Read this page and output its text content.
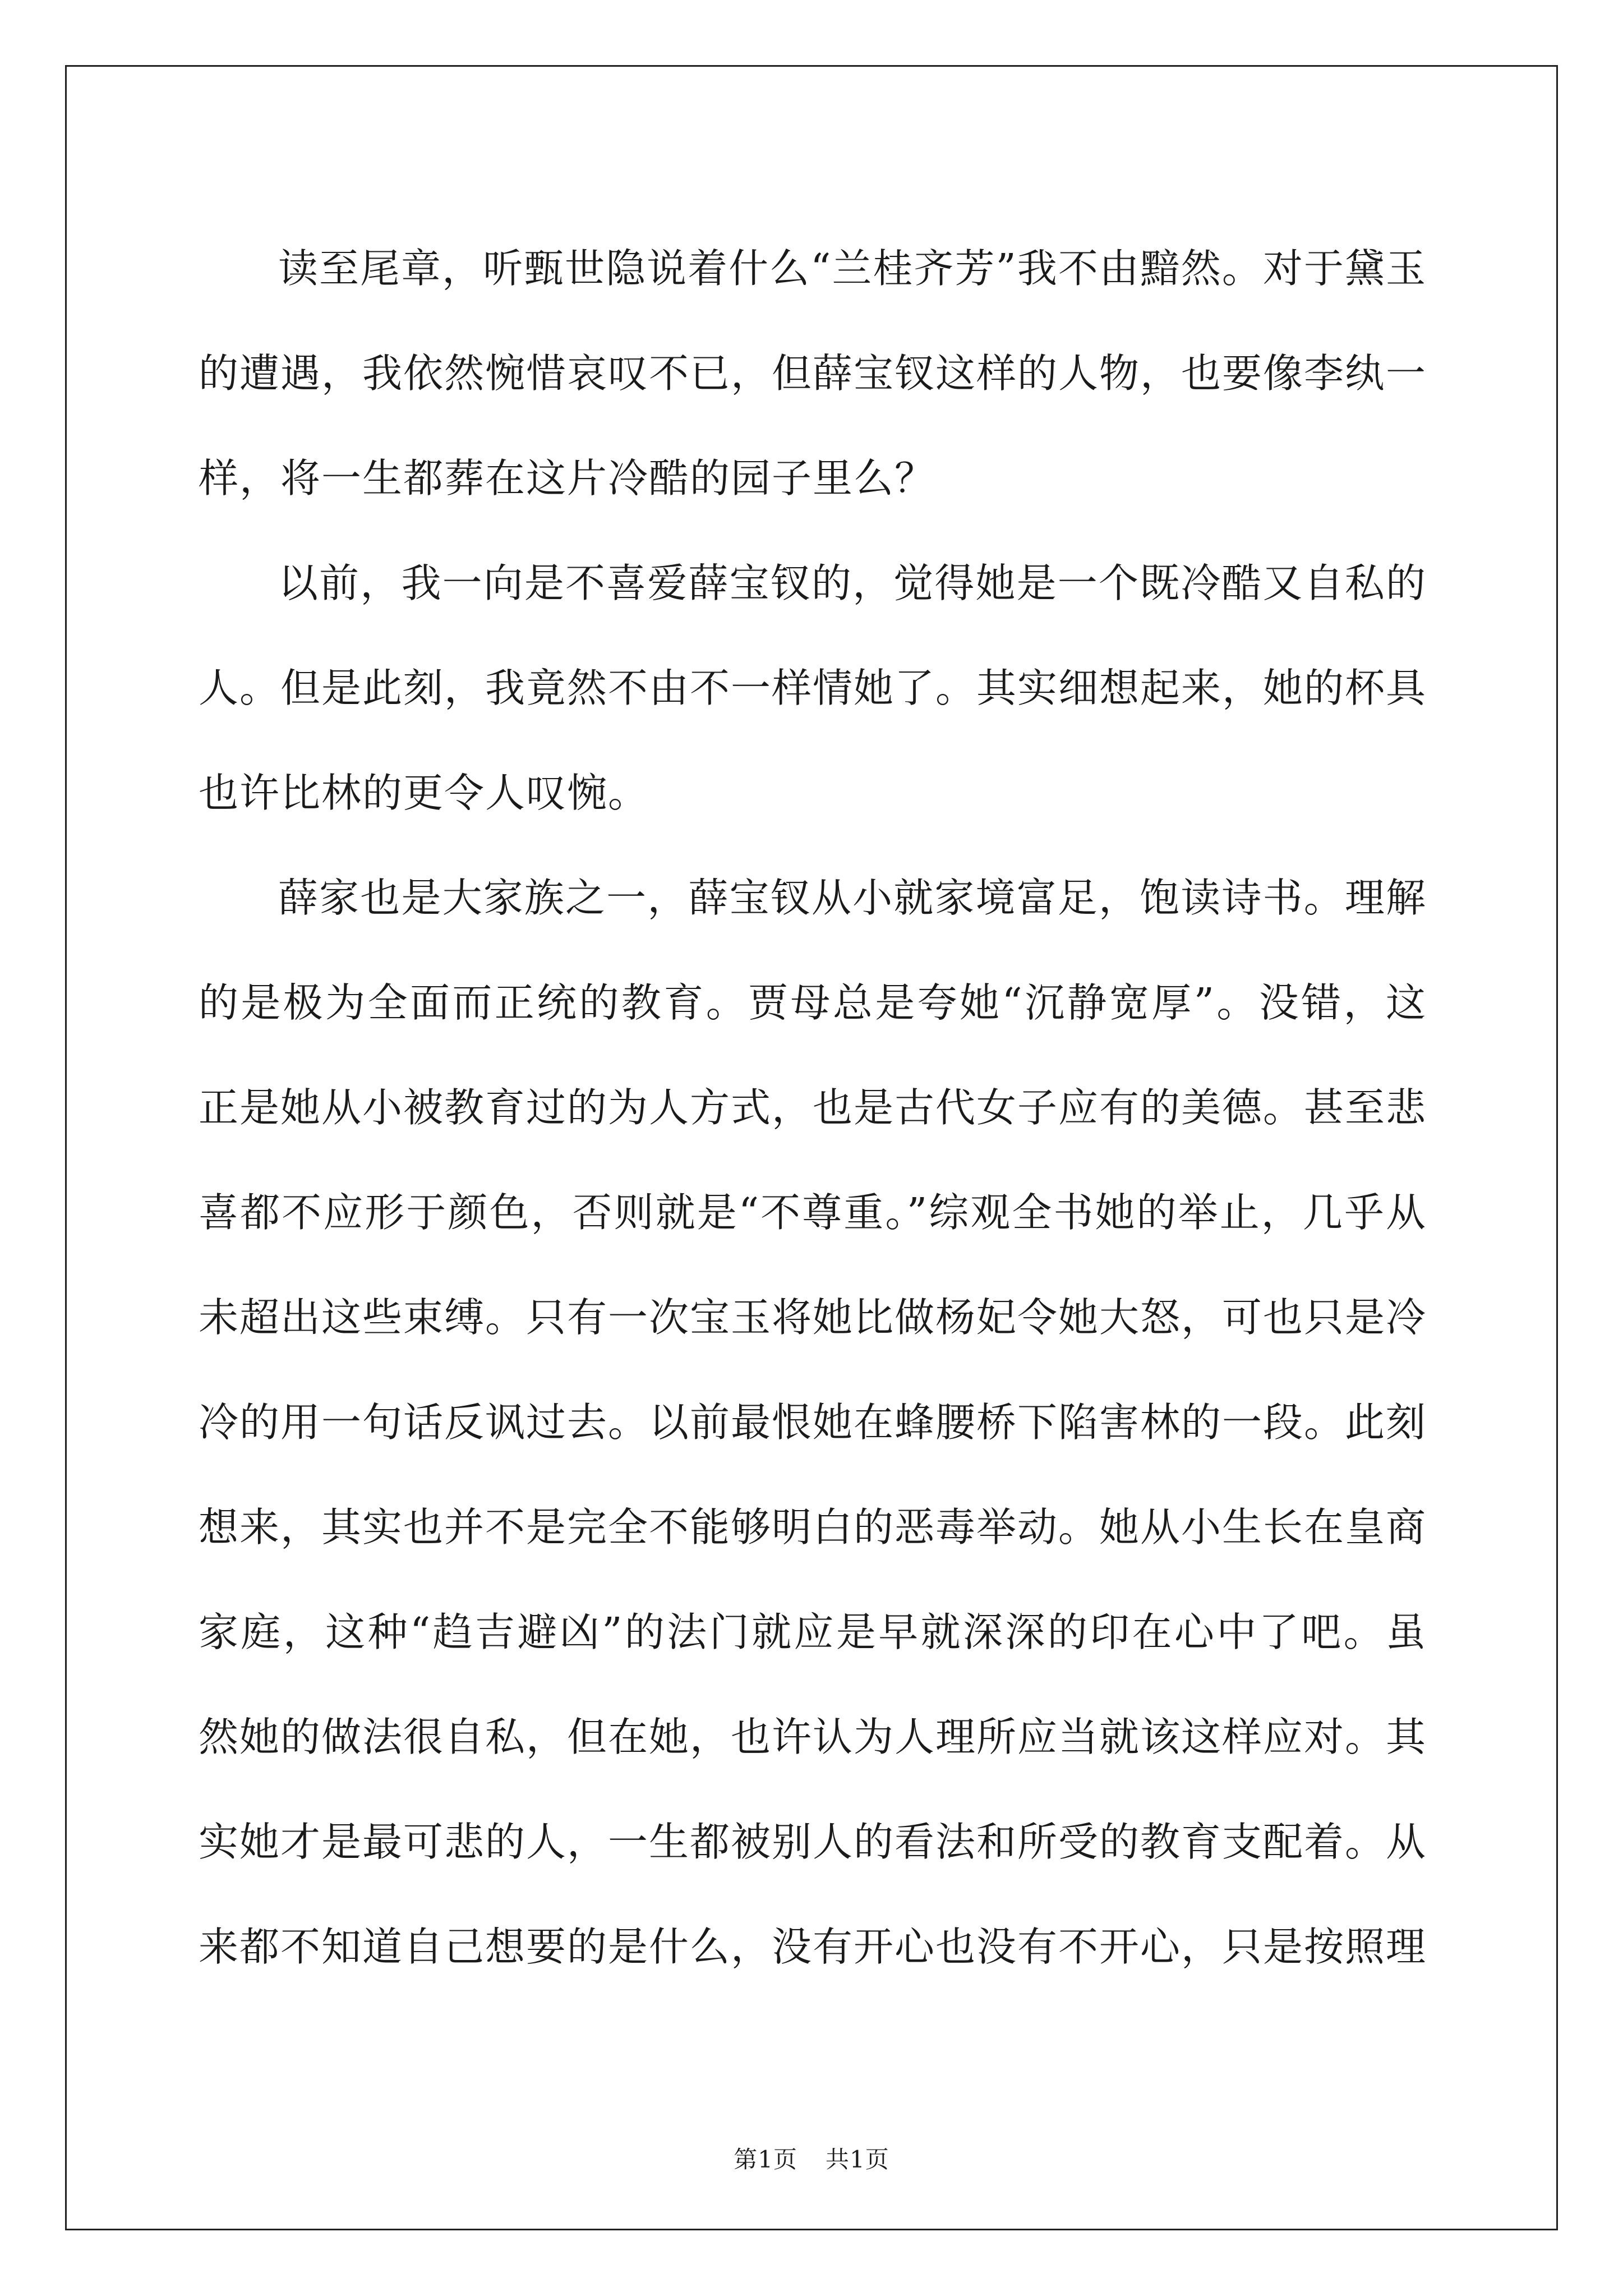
读至尾章，听甄世隐说着什么“兰桂齐芳”我不由黯然。对于黛玉的遭遇，我依然惋惜哀叹不已，但薛宝钗这样的人物，也要像李纨一样，将一生都葬在这片冷酷的园子里么？

以前，我一向是不喜爱薛宝钗的，觉得她是一个既冷酷又自私的人。但是此刻，我竟然不由不一样情她了。其实细想起来，她的杯具也许比林的更令人叹惋。

薛家也是大家族之一，薛宝钗从小就家境富足，饱读诗书。理解的是极为全面而正统的教育。贾母总是夸她“沉静宽厚”。没错，这正是她从小被教育过的为人方式，也是古代女子应有的美德。甚至悲喜都不应形于颜色，否则就是“不尊重。”综观全书她的举止，几乎从未超出这些束缚。只有一次宝玉将她比做杨妃令她大怒，可也只是冷冷的用一句话反讽过去。以前最恨她在蜂腰桥下陷害林的一段。此刻想来，其实也并不是完全不能够明白的恶毒举动。她从小生长在皇商家庭，这种“趋吉避凶”的法门就应是早就深深的印在心中了吧。虽然她的做法很自私，但在她，也许认为人理所应当就该这样应对。其实她才是最可悲的人，一生都被别人的看法和所受的教育支配着。从来都不知道自己想要的是什么，没有开心也没有不开心，只是按照理

第1页 共1页
